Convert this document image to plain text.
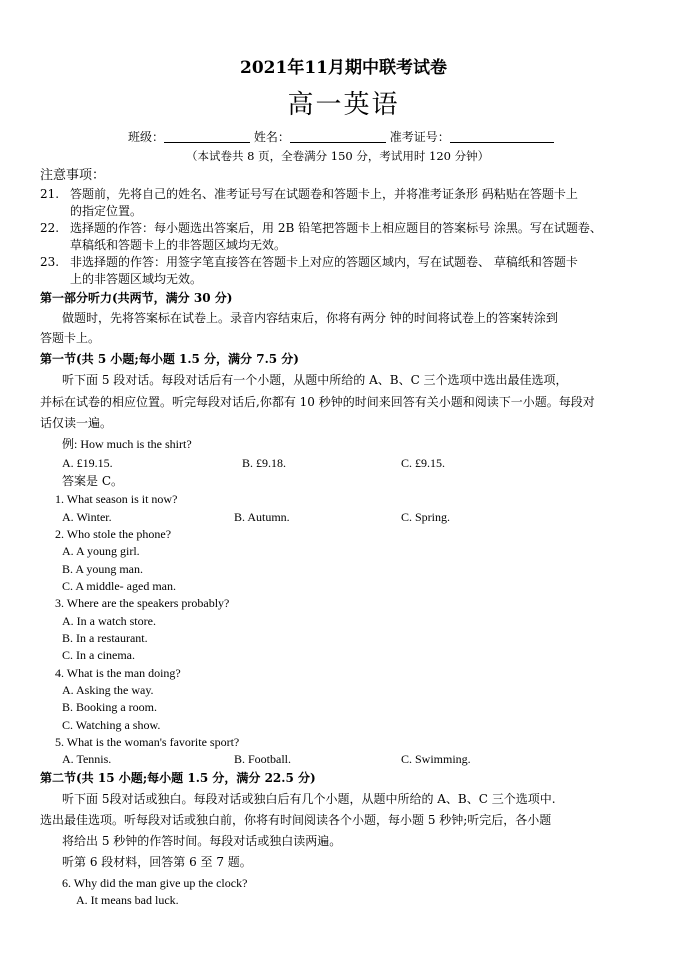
2021年11月期中联考试卷
高一英语
班级：	姓名：	准考证号：
（本试卷共 8 页，全卷满分 150 分，考试用时 120 分钟）
注意事项：
21. 答题前，先将自己的姓名、准考证号写在试题卷和答题卡上，并将准考证条形 码粘贴在答题卡上
的指定位置。
22. 选择题的作答：每小题选出答案后，用 2B 铅笔把答题卡上相应题目的答案标号 涂黑。写在试题卷、
草稿纸和答题卡上的非答题区域均无效。
23. 非选择题的作答：用签字笔直接答在答题卡上对应的答题区域内，写在试题卷、 草稿纸和答题卡
上的非答题区域均无效。
第一部分听力(共两节，满分 30 分)
做题时，先将答案标在试卷上。录音内容结束后，你将有两分 钟的时间将试卷上的答案转涂到
答题卡上。
第一节(共 5 小题;每小题 1.5 分，满分 7.5 分)
听下面 5 段对话。每段对话后有一个小题，从题中所给的 A、B、C 三个选项中选出最佳选项，
并标在试卷的相应位置。听完每段对话后,你都有 10 秒钟的时间来回答有关小题和阅读下一小题。每段对
话仅读一遍。
例: How much is the shirt?
A. £19.15.	B. £9.18.	C. £9.15.
答案是 C。
1. What season is it now?
A. Winter.	B. Autumn.	C. Spring.
2. Who stole the phone?
A. A young girl.
B. A young man.
C. A middle- aged man.
3. Where are the speakers probably?
A. In a watch store.
B. In a restaurant.
C. In a cinema.
4. What is the man doing?
A. Asking the way.
B. Booking a room.
C. Watching a show.
5. What is the woman's favorite sport?
A. Tennis.	B. Football.	C. Swimming.
第二节(共 15 小题;每小题 1.5 分，满分 22.5 分)
听下面 5段对话或独白。每段对话或独白后有几个小题，从题中所给的 A、B、C 三个选项中.
选出最佳选项。听每段对话或独白前，你将有时间阅读各个小题，每小题 5 秒钟;听完后，各小题
将给出 5 秒钟的作答时间。每段对话或独白读两遍。
听第 6 段材料，回答第 6 至 7 题。
6. Why did the man give up the clock?
A. It means bad luck.
